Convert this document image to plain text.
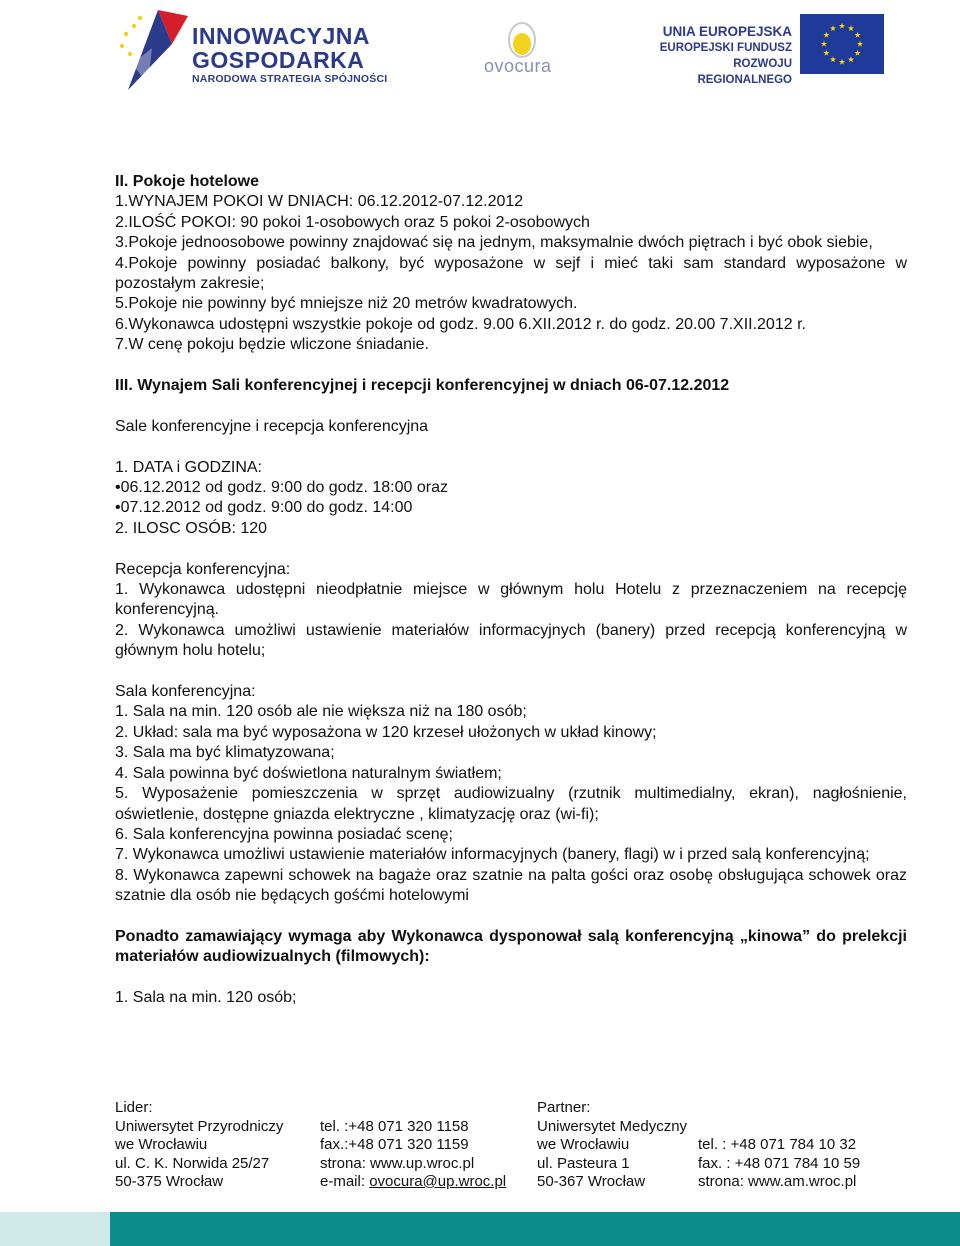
INNOWACYJNA
GOSPODARKA
NARODOWA STRATEGIA SPÓJNOŚCI
ovocura
UNIA EUROPEJSKA
EUROPEJSKI FUNDUSZ
ROZWOJU REGIONALNEGO

II. Pokoje hotelowe

1.WYNAJEM POKOI W DNIACH: 06.12.2012-07.12.2012

2.ILOŚĆ POKOI: 90 pokoi 1-osobowych oraz 5 pokoi 2-osobowych

3.Pokoje jednoosobowe powinny znajdować się na jednym, maksymalnie dwóch piętrach i być obok siebie,

4.Pokoje powinny posiadać balkony, być wyposażone w sejf i mieć taki sam standard wyposażone w pozostałym zakresie;

5.Pokoje nie powinny być mniejsze niż 20 metrów kwadratowych.

6.Wykonawca udostępni wszystkie pokoje od godz. 9.00 6.XII.2012 r. do godz. 20.00 7.XII.2012 r.

7.W cenę pokoju będzie wliczone śniadanie.

III. Wynajem Sali konferencyjnej i recepcji konferencyjnej w dniach 06-07.12.2012

Sale konferencyjne i recepcja konferencyjna

1. DATA i GODZINA:

•06.12.2012 od godz. 9:00 do godz. 18:00 oraz

•07.12.2012 od godz. 9:00 do godz. 14:00

2. ILOSC OSÓB: 120

Recepcja konferencyjna:

1. Wykonawca udostępni nieodpłatnie miejsce w głównym holu Hotelu z przeznaczeniem na recepcję konferencyjną.

2. Wykonawca umożliwi ustawienie materiałów informacyjnych (banery) przed recepcją konferencyjną w głównym holu hotelu;

Sala konferencyjna:

1. Sala na min. 120 osób ale nie większa niż na 180 osób;

2. Układ: sala ma być wyposażona w 120 krzeseł ułożonych w układ kinowy;

3. Sala ma być klimatyzowana;

4. Sala powinna być doświetlona naturalnym światłem;

5. Wyposażenie pomieszczenia w sprzęt audiowizualny (rzutnik multimedialny, ekran), nagłośnienie, oświetlenie, dostępne gniazda elektryczne , klimatyzację oraz (wi-fi);

6. Sala konferencyjna powinna posiadać scenę;

7. Wykonawca umożliwi ustawienie materiałów informacyjnych (banery, flagi) w i przed salą konferencyjną;

8. Wykonawca zapewni schowek na bagaże oraz szatnie na palta gości oraz osobę obsługująca schowek oraz szatnie dla osób nie będących gośćmi hotelowymi

Ponadto zamawiający wymaga aby Wykonawca dysponował salą konferencyjną „kinowa” do prelekcji materiałów audiowizualnych (filmowych):

1. Sala na min. 120 osób;

Lider:
Uniwersytet Przyrodniczy
we Wrocławiu
ul. C. K. Norwida 25/27
50-375 Wrocław
tel. :+48 071 320 1158
fax.:+48 071 320 1159
strona: www.up.wroc.pl
e-mail: ovocura@up.wroc.pl
Partner:
Uniwersytet Medyczny
we Wrocławiu
ul. Pasteura 1
50-367 Wrocław
tel. : +48 071 784 10 32
fax. : +48 071 784 10 59
strona: www.am.wroc.pl
